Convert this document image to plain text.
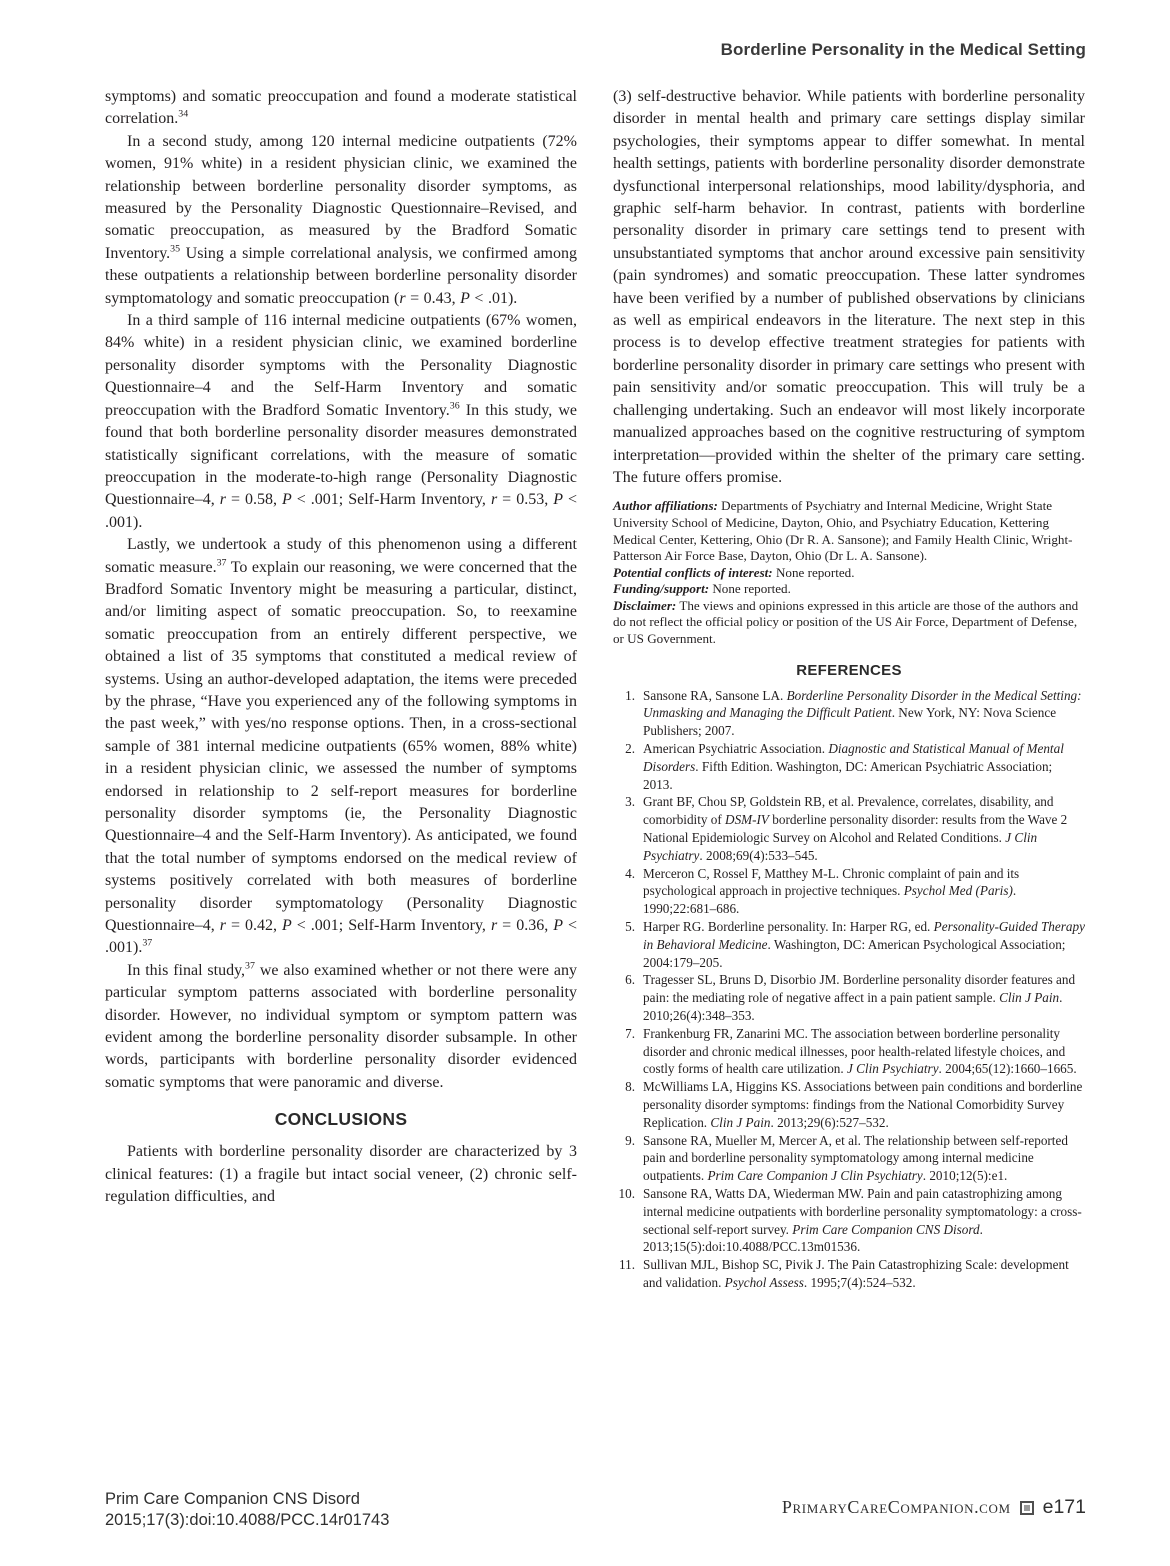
Borderline Personality in the Medical Setting

symptoms) and somatic preoccupation and found a moderate statistical correlation.$^{34}$

In a second study, among 120 internal medicine outpatients (72% women, 91% white) in a resident physician clinic, we examined the relationship between borderline personality disorder symptoms, as measured by the Personality Diagnostic Questionnaire–Revised, and somatic preoccupation, as measured by the Bradford Somatic Inventory.$^{35}$ Using a simple correlational analysis, we confirmed among these outpatients a relationship between borderline personality disorder symptomatology and somatic preoccupation (r = 0.43, P < .01).

In a third sample of 116 internal medicine outpatients (67% women, 84% white) in a resident physician clinic, we examined borderline personality disorder symptoms with the Personality Diagnostic Questionnaire–4 and the Self-Harm Inventory and somatic preoccupation with the Bradford Somatic Inventory.$^{36}$ In this study, we found that both borderline personality disorder measures demonstrated statistically significant correlations, with the measure of somatic preoccupation in the moderate-to-high range (Personality Diagnostic Questionnaire–4, r = 0.58, P < .001; Self-Harm Inventory, r = 0.53, P < .001).

Lastly, we undertook a study of this phenomenon using a different somatic measure.$^{37}$ To explain our reasoning, we were concerned that the Bradford Somatic Inventory might be measuring a particular, distinct, and/or limiting aspect of somatic preoccupation. So, to reexamine somatic preoccupation from an entirely different perspective, we obtained a list of 35 symptoms that constituted a medical review of systems. Using an author-developed adaptation, the items were preceded by the phrase, “Have you experienced any of the following symptoms in the past week,” with yes/no response options. Then, in a cross-sectional sample of 381 internal medicine outpatients (65% women, 88% white) in a resident physician clinic, we assessed the number of symptoms endorsed in relationship to 2 self-report measures for borderline personality disorder symptoms (ie, the Personality Diagnostic Questionnaire–4 and the Self-Harm Inventory). As anticipated, we found that the total number of symptoms endorsed on the medical review of systems positively correlated with both measures of borderline personality disorder symptomatology (Personality Diagnostic Questionnaire–4, r = 0.42, P < .001; Self-Harm Inventory, r = 0.36, P < .001).$^{37}$

In this final study,$^{37}$ we also examined whether or not there were any particular symptom patterns associated with borderline personality disorder. However, no individual symptom or symptom pattern was evident among the borderline personality disorder subsample. In other words, participants with borderline personality disorder evidenced somatic symptoms that were panoramic and diverse.

CONCLUSIONS

Patients with borderline personality disorder are characterized by 3 clinical features: (1) a fragile but intact social veneer, (2) chronic self-regulation difficulties, and

(3) self-destructive behavior. While patients with borderline personality disorder in mental health and primary care settings display similar psychologies, their symptoms appear to differ somewhat. In mental health settings, patients with borderline personality disorder demonstrate dysfunctional interpersonal relationships, mood lability/dysphoria, and graphic self-harm behavior. In contrast, patients with borderline personality disorder in primary care settings tend to present with unsubstantiated symptoms that anchor around excessive pain sensitivity (pain syndromes) and somatic preoccupation. These latter syndromes have been verified by a number of published observations by clinicians as well as empirical endeavors in the literature. The next step in this process is to develop effective treatment strategies for patients with borderline personality disorder in primary care settings who present with pain sensitivity and/or somatic preoccupation. This will truly be a challenging undertaking. Such an endeavor will most likely incorporate manualized approaches based on the cognitive restructuring of symptom interpretation—provided within the shelter of the primary care setting. The future offers promise.

Author affiliations: Departments of Psychiatry and Internal Medicine, Wright State University School of Medicine, Dayton, Ohio, and Psychiatry Education, Kettering Medical Center, Kettering, Ohio (Dr R. A. Sansone); and Family Health Clinic, Wright-Patterson Air Force Base, Dayton, Ohio (Dr L. A. Sansone).

Potential conflicts of interest: None reported.

Funding/support: None reported.

Disclaimer: The views and opinions expressed in this article are those of the authors and do not reflect the official policy or position of the US Air Force, Department of Defense, or US Government.

REFERENCES
1. Sansone RA, Sansone LA. Borderline Personality Disorder in the Medical Setting: Unmasking and Managing the Difficult Patient. New York, NY: Nova Science Publishers; 2007.
2. American Psychiatric Association. Diagnostic and Statistical Manual of Mental Disorders. Fifth Edition. Washington, DC: American Psychiatric Association; 2013.
3. Grant BF, Chou SP, Goldstein RB, et al. Prevalence, correlates, disability, and comorbidity of DSM-IV borderline personality disorder: results from the Wave 2 National Epidemiologic Survey on Alcohol and Related Conditions. J Clin Psychiatry. 2008;69(4):533–545.
4. Merceron C, Rossel F, Matthey M-L. Chronic complaint of pain and its psychological approach in projective techniques. Psychol Med (Paris). 1990;22:681–686.
5. Harper RG. Borderline personality. In: Harper RG, ed. Personality-Guided Therapy in Behavioral Medicine. Washington, DC: American Psychological Association; 2004:179–205.
6. Tragesser SL, Bruns D, Disorbio JM. Borderline personality disorder features and pain: the mediating role of negative affect in a pain patient sample. Clin J Pain. 2010;26(4):348–353.
7. Frankenburg FR, Zanarini MC. The association between borderline personality disorder and chronic medical illnesses, poor health-related lifestyle choices, and costly forms of health care utilization. J Clin Psychiatry. 2004;65(12):1660–1665.
8. McWilliams LA, Higgins KS. Associations between pain conditions and borderline personality disorder symptoms: findings from the National Comorbidity Survey Replication. Clin J Pain. 2013;29(6):527–532.
9. Sansone RA, Mueller M, Mercer A, et al. The relationship between self-reported pain and borderline personality symptomatology among internal medicine outpatients. Prim Care Companion J Clin Psychiatry. 2010;12(5):e1.
10. Sansone RA, Watts DA, Wiederman MW. Pain and pain catastrophizing among internal medicine outpatients with borderline personality symptomatology: a cross-sectional self-report survey. Prim Care Companion CNS Disord. 2013;15(5):doi:10.4088/PCC.13m01536.
11. Sullivan MJL, Bishop SC, Pivik J. The Pain Catastrophizing Scale: development and validation. Psychol Assess. 1995;7(4):524–532.
Prim Care Companion CNS Disord
2015;17(3):doi:10.4088/PCC.14r01743
PrimaryCareCompanion.com e171
